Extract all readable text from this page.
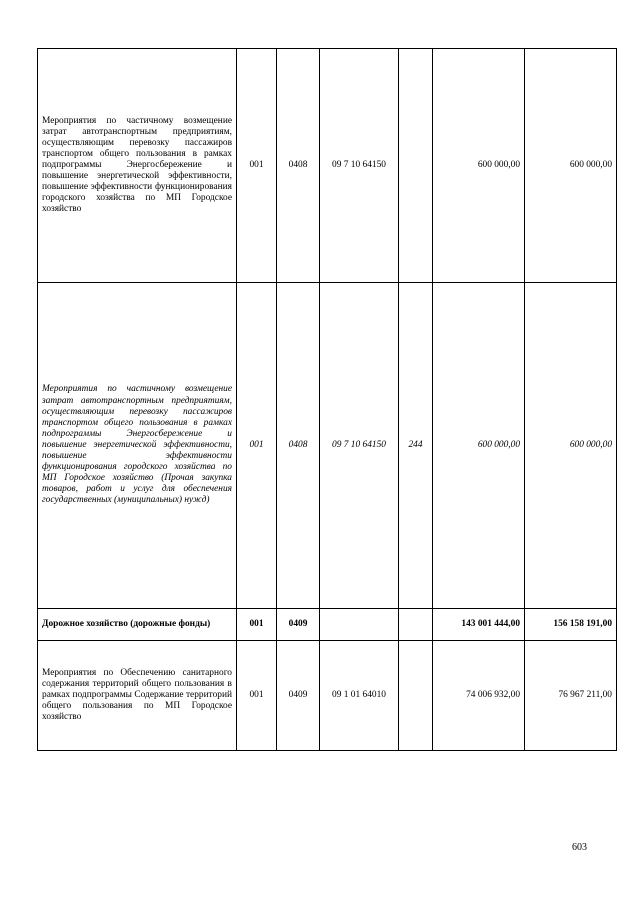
Мероприятия по частичному возмещение затрат автотранспортным предприятиям, осуществляющим перевозку пассажиров транспортом общего пользования в рамках подпрограммы Энергосбережение и повышение энергетической эффективности, повышение эффективности функционирования городского хозяйства по МП Городское хозяйство	001	0408	09 7 10 64150		600 000,00	600 000,00
Мероприятия по частичному возмещение затрат автотранспортным предприятиям, осуществляющим перевозку пассажиров транспортом общего пользования в рамках подпрограммы Энергосбережение и повышение энергетической эффективности, повышение эффективности функционирования городского хозяйства по МП Городское хозяйство (Прочая закупка товаров, работ и услуг для обеспечения государственных (муниципальных) нужд)	001	0408	09 7 10 64150	244	600 000,00	600 000,00
Дорожное хозяйство (дорожные фонды)	001	0409			143 001 444,00	156 158 191,00
Мероприятия по Обеспечению санитарного содержания территорий общего пользования в рамках подпрограммы Содержание территорий общего пользования по МП Городское хозяйство	001	0409	09 1 01 64010		74 006 932,00	76 967 211,00
603
